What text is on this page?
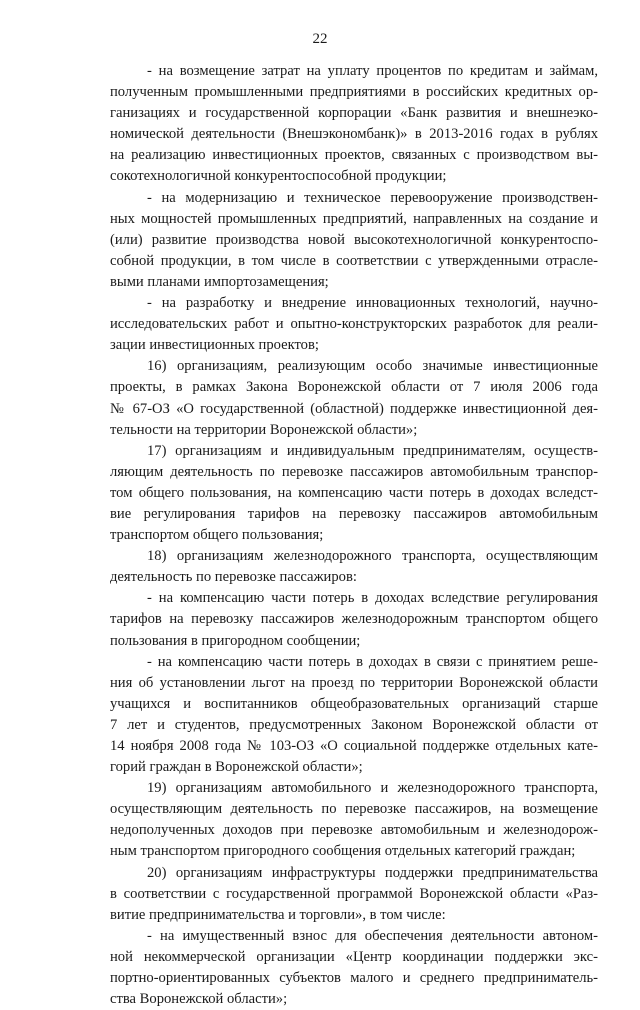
22
- на возмещение затрат на уплату процентов по кредитам и займам,
полученным промышленными предприятиями в российских кредитных ор-
ганизациях и государственной корпорации «Банк развития и внешнеэко-
номической деятельности (Внешэкономбанк)» в 2013-2016 годах в рублях
на реализацию инвестиционных проектов, связанных с производством вы-
сокотехнологичной конкурентоспособной продукции;
- на модернизацию и техническое перевооружение производствен-
ных мощностей промышленных предприятий, направленных на создание и
(или) развитие производства новой высокотехнологичной конкурентоспо-
собной продукции, в том числе в соответствии с утвержденными отрасле-
выми планами импортозамещения;
- на разработку и внедрение инновационных технологий, научно-
исследовательских работ и опытно-конструкторских разработок для реали-
зации инвестиционных проектов;
16) организациям, реализующим особо значимые инвестиционные
проекты, в рамках Закона Воронежской области от 7 июля 2006 года
№ 67-ОЗ «О государственной (областной) поддержке инвестиционной дея-
тельности на территории Воронежской области»;
17) организациям и индивидуальным предпринимателям, осуществ-
ляющим деятельность по перевозке пассажиров автомобильным транспор-
том общего пользования, на компенсацию части потерь в доходах вследст-
вие регулирования тарифов на перевозку пассажиров автомобильным
транспортом общего пользования;
18) организациям железнодорожного транспорта, осуществляющим
деятельность по перевозке пассажиров:
- на компенсацию части потерь в доходах вследствие регулирования
тарифов на перевозку пассажиров железнодорожным транспортом общего
пользования в пригородном сообщении;
- на компенсацию части потерь в доходах в связи с принятием реше-
ния об установлении льгот на проезд по территории Воронежской области
учащихся и воспитанников общеобразовательных организаций старше
7 лет и студентов, предусмотренных Законом Воронежской области от
14 ноября 2008 года № 103-ОЗ «О социальной поддержке отдельных кате-
горий граждан в Воронежской области»;
19) организациям автомобильного и железнодорожного транспорта,
осуществляющим деятельность по перевозке пассажиров, на возмещение
недополученных доходов при перевозке автомобильным и железнодорож-
ным транспортом пригородного сообщения отдельных категорий граждан;
20) организациям инфраструктуры поддержки предпринимательства
в соответствии с государственной программой Воронежской области «Раз-
витие предпринимательства и торговли», в том числе:
- на имущественный взнос для обеспечения деятельности автоном-
ной некоммерческой организации «Центр координации поддержки экс-
портно-ориентированных субъектов малого и среднего предприниматель-
ства Воронежской области»;
